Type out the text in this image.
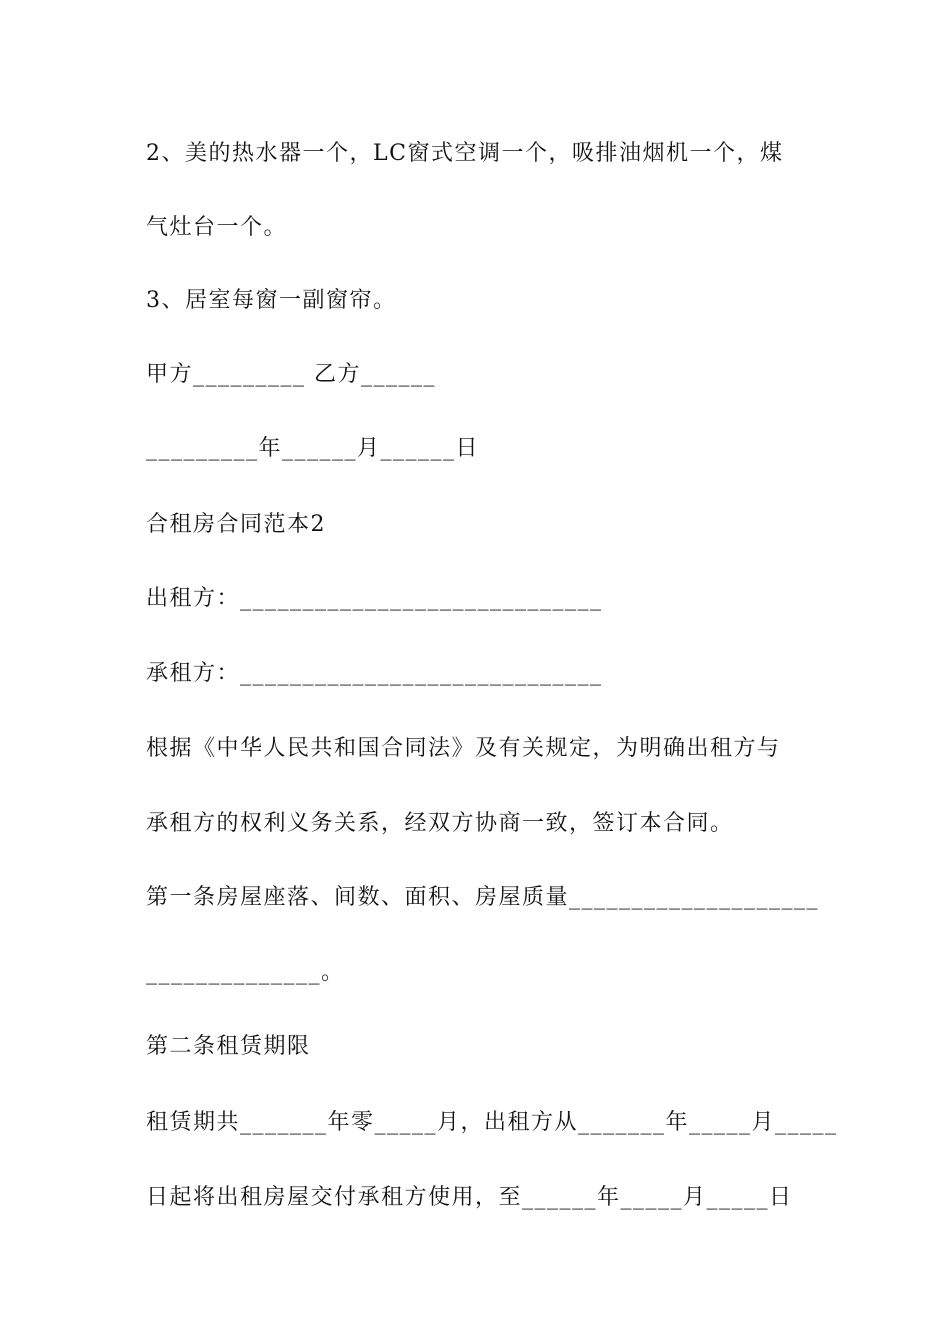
2、美的热水器一个，LC窗式空调一个，吸排油烟机一个，煤
气灶台一个。
3、居室每窗一副窗帘。
甲方_________ 乙方______
_________年______月______日
合租房合同范本2
出租方：_____________________________
承租方：_____________________________
根据《中华人民共和国合同法》及有关规定，为明确出租方与
承租方的权利义务关系，经双方协商一致，签订本合同。
第一条房屋座落、间数、面积、房屋质量____________________
______________。
第二条租赁期限
租赁期共_______年零_____月，出租方从_______年_____月_____
日起将出租房屋交付承租方使用，至______年_____月_____日
